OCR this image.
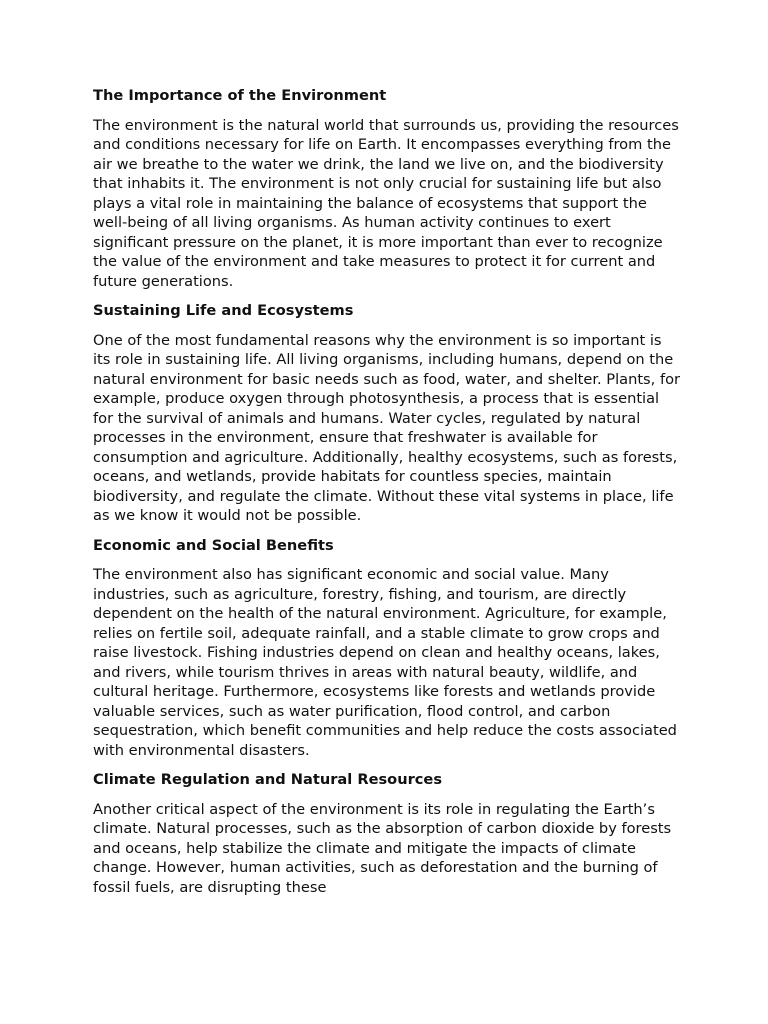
The Importance of the Environment
The environment is the natural world that surrounds us, providing the resources and conditions necessary for life on Earth. It encompasses everything from the air we breathe to the water we drink, the land we live on, and the biodiversity that inhabits it. The environment is not only crucial for sustaining life but also plays a vital role in maintaining the balance of ecosystems that support the well-being of all living organisms. As human activity continues to exert significant pressure on the planet, it is more important than ever to recognize the value of the environment and take measures to protect it for current and future generations.
Sustaining Life and Ecosystems
One of the most fundamental reasons why the environment is so important is its role in sustaining life. All living organisms, including humans, depend on the natural environment for basic needs such as food, water, and shelter. Plants, for example, produce oxygen through photosynthesis, a process that is essential for the survival of animals and humans. Water cycles, regulated by natural processes in the environment, ensure that freshwater is available for consumption and agriculture. Additionally, healthy ecosystems, such as forests, oceans, and wetlands, provide habitats for countless species, maintain biodiversity, and regulate the climate. Without these vital systems in place, life as we know it would not be possible.
Economic and Social Benefits
The environment also has significant economic and social value. Many industries, such as agriculture, forestry, fishing, and tourism, are directly dependent on the health of the natural environment. Agriculture, for example, relies on fertile soil, adequate rainfall, and a stable climate to grow crops and raise livestock. Fishing industries depend on clean and healthy oceans, lakes, and rivers, while tourism thrives in areas with natural beauty, wildlife, and cultural heritage. Furthermore, ecosystems like forests and wetlands provide valuable services, such as water purification, flood control, and carbon sequestration, which benefit communities and help reduce the costs associated with environmental disasters.
Climate Regulation and Natural Resources
Another critical aspect of the environment is its role in regulating the Earth’s climate. Natural processes, such as the absorption of carbon dioxide by forests and oceans, help stabilize the climate and mitigate the impacts of climate change. However, human activities, such as deforestation and the burning of fossil fuels, are disrupting these
